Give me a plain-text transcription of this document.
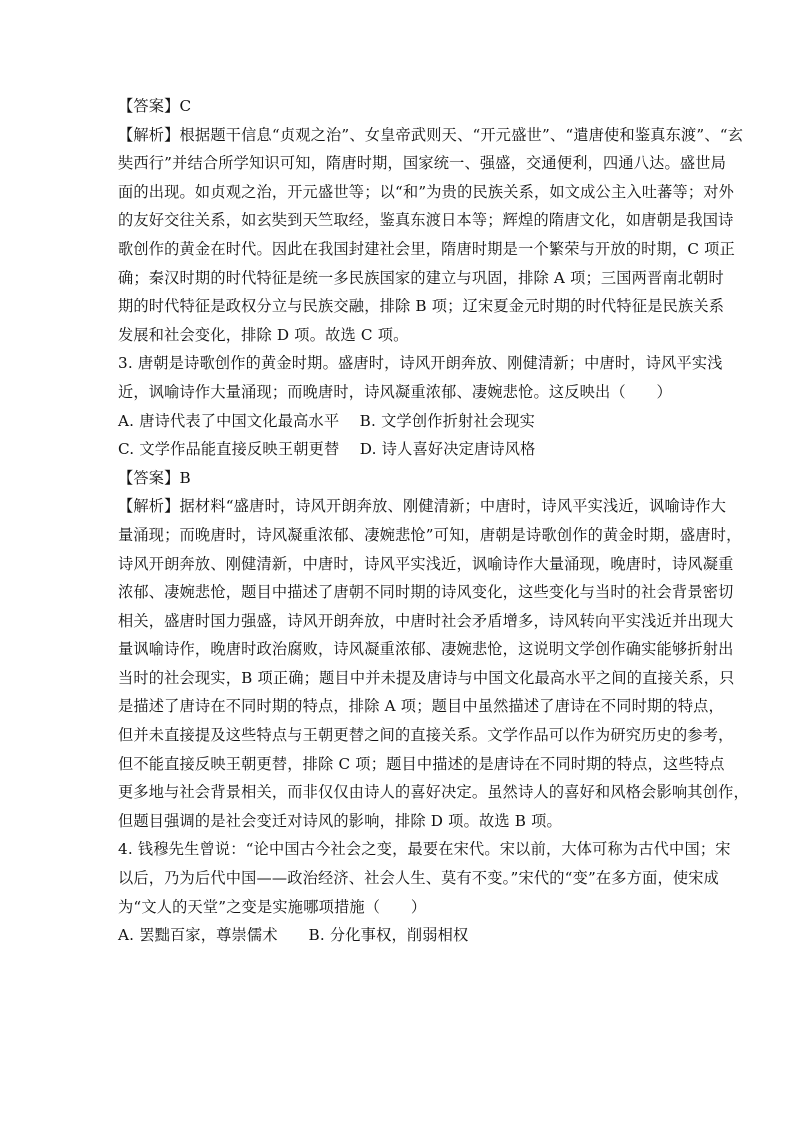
【答案】C
【解析】根据题干信息“贞观之治”、女皇帝武则天、“开元盛世”、“遣唐使和鉴真东渡”、“玄
奘西行”并结合所学知识可知，隋唐时期，国家统一、强盛，交通便利，四通八达。盛世局
面的出现。如贞观之治，开元盛世等；以“和”为贵的民族关系，如文成公主入吐蕃等；对外
的友好交往关系，如玄奘到天竺取经，鉴真东渡日本等；辉煌的隋唐文化，如唐朝是我国诗
歌创作的黄金在时代。因此在我国封建社会里，隋唐时期是一个繁荣与开放的时期，C 项正
确；秦汉时期的时代特征是统一多民族国家的建立与巩固，排除 A 项；三国两晋南北朝时
期的时代特征是政权分立与民族交融，排除 B 项；辽宋夏金元时期的时代特征是民族关系
发展和社会变化，排除 D 项。故选 C 项。
3. 唐朝是诗歌创作的黄金时期。盛唐时，诗风开朗奔放、刚健清新；中唐时，诗风平实浅
近，讽喻诗作大量涌现；而晚唐时，诗风凝重浓郁、凄婉悲怆。这反映出（　　）
A. 唐诗代表了中国文化最高水平　 B. 文学创作折射社会现实
C. 文学作品能直接反映王朝更替　 D. 诗人喜好决定唐诗风格
【答案】B
【解析】据材料“盛唐时，诗风开朗奔放、刚健清新；中唐时，诗风平实浅近，讽喻诗作大
量涌现；而晚唐时，诗风凝重浓郁、凄婉悲怆”可知，唐朝是诗歌创作的黄金时期，盛唐时，
诗风开朗奔放、刚健清新，中唐时，诗风平实浅近，讽喻诗作大量涌现，晚唐时，诗风凝重
浓郁、凄婉悲怆，题目中描述了唐朝不同时期的诗风变化，这些变化与当时的社会背景密切
相关，盛唐时国力强盛，诗风开朗奔放，中唐时社会矛盾增多，诗风转向平实浅近并出现大
量讽喻诗作，晚唐时政治腐败，诗风凝重浓郁、凄婉悲怆，这说明文学创作确实能够折射出
当时的社会现实，B 项正确；题目中并未提及唐诗与中国文化最高水平之间的直接关系，只
是描述了唐诗在不同时期的特点，排除 A 项；题目中虽然描述了唐诗在不同时期的特点，
但并未直接提及这些特点与王朝更替之间的直接关系。文学作品可以作为研究历史的参考，
但不能直接反映王朝更替，排除 C 项；题目中描述的是唐诗在不同时期的特点，这些特点
更多地与社会背景相关，而非仅仅由诗人的喜好决定。虽然诗人的喜好和风格会影响其创作，
但题目强调的是社会变迁对诗风的影响，排除 D 项。故选 B 项。
4. 钱穆先生曾说：“论中国古今社会之变，最要在宋代。宋以前，大体可称为古代中国；宋
以后，乃为后代中国——政治经济、社会人生、莫有不变。”宋代的“变”在多方面，使宋成
为“文人的天堂”之变是实施哪项措施（　　）
A. 罢黜百家，尊崇儒术　　B. 分化事权，削弱相权
